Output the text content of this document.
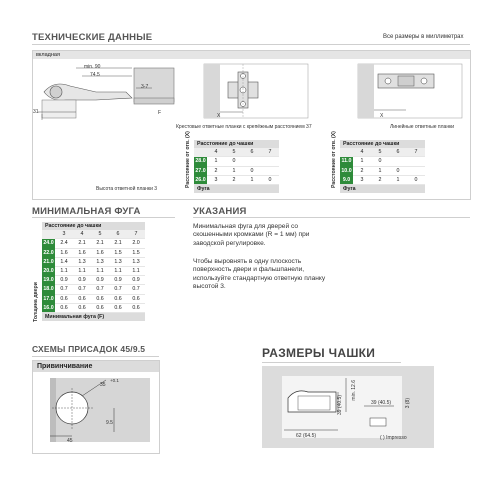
ТЕХНИЧЕСКИЕ ДАННЫЕ	Все размеры в миллиметрах
вкладная
min. 90
74.5
3-7
31	F	X	X
Крестовые ответные планки с крепёжным расстоянием 37	Линейные ответные планки
Высота ответной планки 3
Расстояние от отв. (X) Расстояние до чашки				
	4	5	6	7
28.0	1	0		
27.0	2	1	0	
26.0	3	2	1	0
Фуга				
Расстояние от отв. (X) Расстояние до чашки				
	4	5	6	7
11.0	1	0		
10.0	2	1	0	
9.0	3	2	1	0
Фуга				
МИНИМАЛЬНАЯ ФУГА
Толщина двери
Расстояние до чашки					
	3	4	5	6	7
24.0	2.4	2.1	2.1	2.1	2.0
22.0	1.6	1.6	1.6	1.5	1.5
21.0	1.4	1.3	1.3	1.3	1.3
20.0	1.1	1.1	1.1	1.1	1.1
19.0	0.9	0.9	0.9	0.9	0.9
18.0	0.7	0.7	0.7	0.7	0.7
17.0	0.6	0.6	0.6	0.6	0.6
16.0	0.6	0.6	0.6	0.6	0.6
Минимальная фуга (F)					
УКАЗАНИЯ
Минимальная фуга для дверей со скошенными кромками (R = 1 мм) при заводской регулировке.
Чтобы выровнять в одну плоскость поверхность двери и фальшпанели, используйте стандартную ответную планку высотой 3.
СХЕМЫ ПРИСАДОК 45/9.5
Привинчивание
35
+0.1
9.5
45
РАЗМЕРЫ ЧАШКИ
min. 12.6
39 (40.5)	39 (40.5)	3 (8)
62 (64.5)	( ) Impresso
